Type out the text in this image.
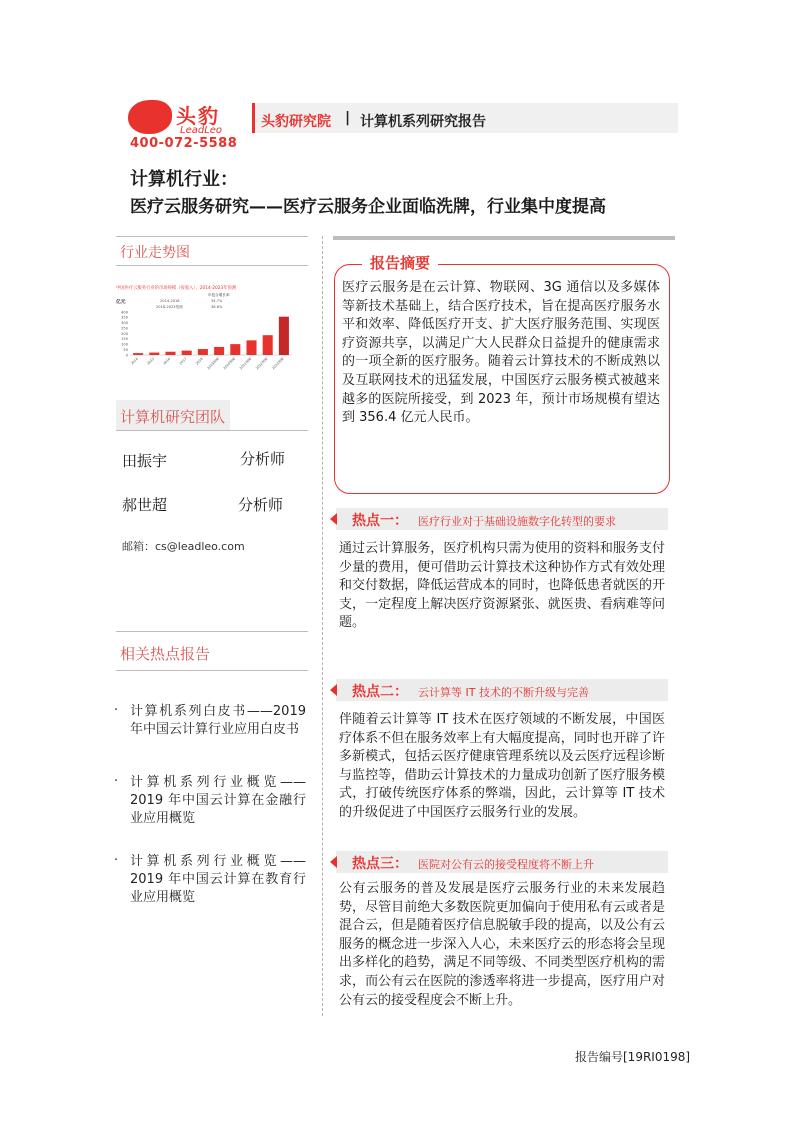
头豹
LeadLeo
400-072-5588
头豹研究院 | 计算机系列研究报告
计算机行业：
医疗云服务研究——医疗云服务企业面临洗牌，行业集中度提高
行业走势图
中国医疗云服务行业的市场规模（按收入），2014-2023年预测
亿元
年复合增长率
2014-2018	34.7%
2018-2023预测	36.6%
0
50
100
150
200
250
300
350
400
2014 2015 2016 2017 2018 2019预测 2020预测 2021预测 2022预测 2023预测
计算机研究团队
田振宇	分析师
郝世超	分析师
邮箱：cs@leadleo.com
相关热点报告
· 计算机系列白皮书——2019年中国云计算行业应用白皮书
· 计算机系列行业概览——2019 年中国云计算在金融行业应用概览
· 计算机系列行业概览——2019 年中国云计算在教育行业应用概览
报告摘要
医疗云服务是在云计算、物联网、3G 通信以及多媒体等新技术基础上，结合医疗技术，旨在提高医疗服务水平和效率、降低医疗开支、扩大医疗服务范围、实现医疗资源共享，以满足广大人民群众日益提升的健康需求的一项全新的医疗服务。随着云计算技术的不断成熟以及互联网技术的迅猛发展，中国医疗云服务模式被越来越多的医院所接受，到 2023 年，预计市场规模有望达到 356.4 亿元人民币。
热点一： 医疗行业对于基础设施数字化转型的要求
通过云计算服务，医疗机构只需为使用的资料和服务支付少量的费用，便可借助云计算技术这种协作方式有效处理和交付数据，降低运营成本的同时，也降低患者就医的开支，一定程度上解决医疗资源紧张、就医贵、看病难等问题。
热点二： 云计算等 IT 技术的不断升级与完善
伴随着云计算等 IT 技术在医疗领域的不断发展，中国医疗体系不但在服务效率上有大幅度提高，同时也开辟了许多新模式，包括云医疗健康管理系统以及云医疗远程诊断与监控等，借助云计算技术的力量成功创新了医疗服务模式，打破传统医疗体系的弊端，因此，云计算等 IT 技术的升级促进了中国医疗云服务行业的发展。
热点三： 医院对公有云的接受程度将不断上升
公有云服务的普及发展是医疗云服务行业的未来发展趋势，尽管目前绝大多数医院更加偏向于使用私有云或者是混合云，但是随着医疗信息脱敏手段的提高，以及公有云服务的概念进一步深入人心，未来医疗云的形态将会呈现出多样化的趋势，满足不同等级、不同类型医疗机构的需求，而公有云在医院的渗透率将进一步提高，医疗用户对公有云的接受程度会不断上升。
报告编号[19RI0198]
